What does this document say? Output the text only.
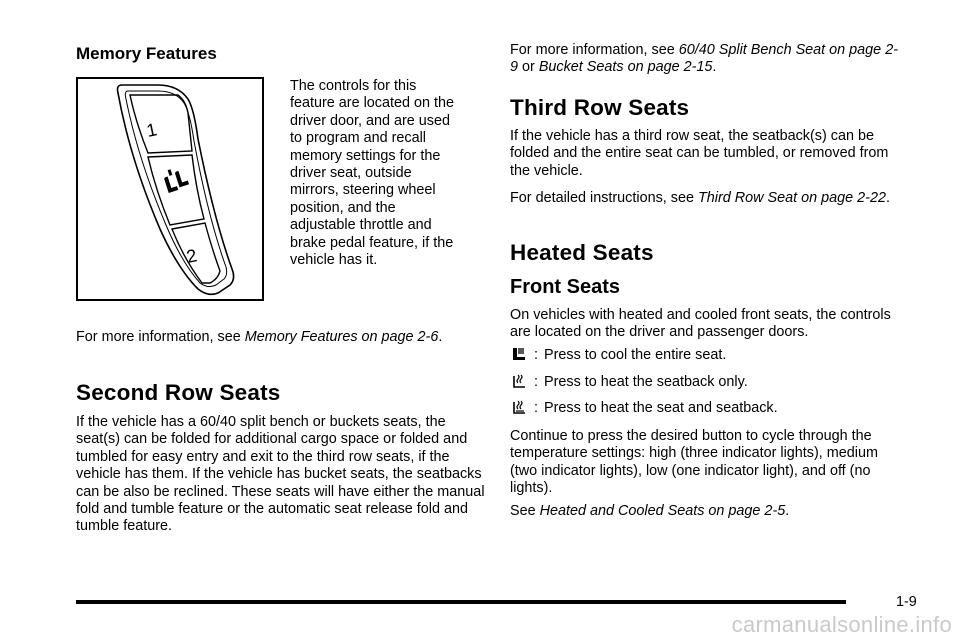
Memory Features
1
2

The controls for this feature are located on the driver door, and are used to program and recall memory settings for the driver seat, outside mirrors, steering wheel position, and the adjustable throttle and brake pedal feature, if the vehicle has it.

For more information, see Memory Features on page 2-6.

Second Row Seats

If the vehicle has a 60/40 split bench or buckets seats, the seat(s) can be folded for additional cargo space or folded and tumbled for easy entry and exit to the third row seats, if the vehicle has them. If the vehicle has bucket seats, the seatbacks can be also be reclined. These seats will have either the manual fold and tumble feature or the automatic seat release fold and tumble feature.

For more information, see 60/40 Split Bench Seat on page 2-9 or Bucket Seats on page 2-15.

Third Row Seats

If the vehicle has a third row seat, the seatback(s) can be folded and the entire seat can be tumbled, or removed from the vehicle.

For detailed instructions, see Third Row Seat on page 2-22.

Heated Seats
Front Seats

On vehicles with heated and cooled front seats, the controls are located on the driver and passenger doors.

: Press to cool the entire seat.
: Press to heat the seatback only.
: Press to heat the seat and seatback.

Continue to press the desired button to cycle through the temperature settings: high (three indicator lights), medium (two indicator lights), low (one indicator light), and off (no lights).

See Heated and Cooled Seats on page 2-5.

1-9
carmanualsonline.info
